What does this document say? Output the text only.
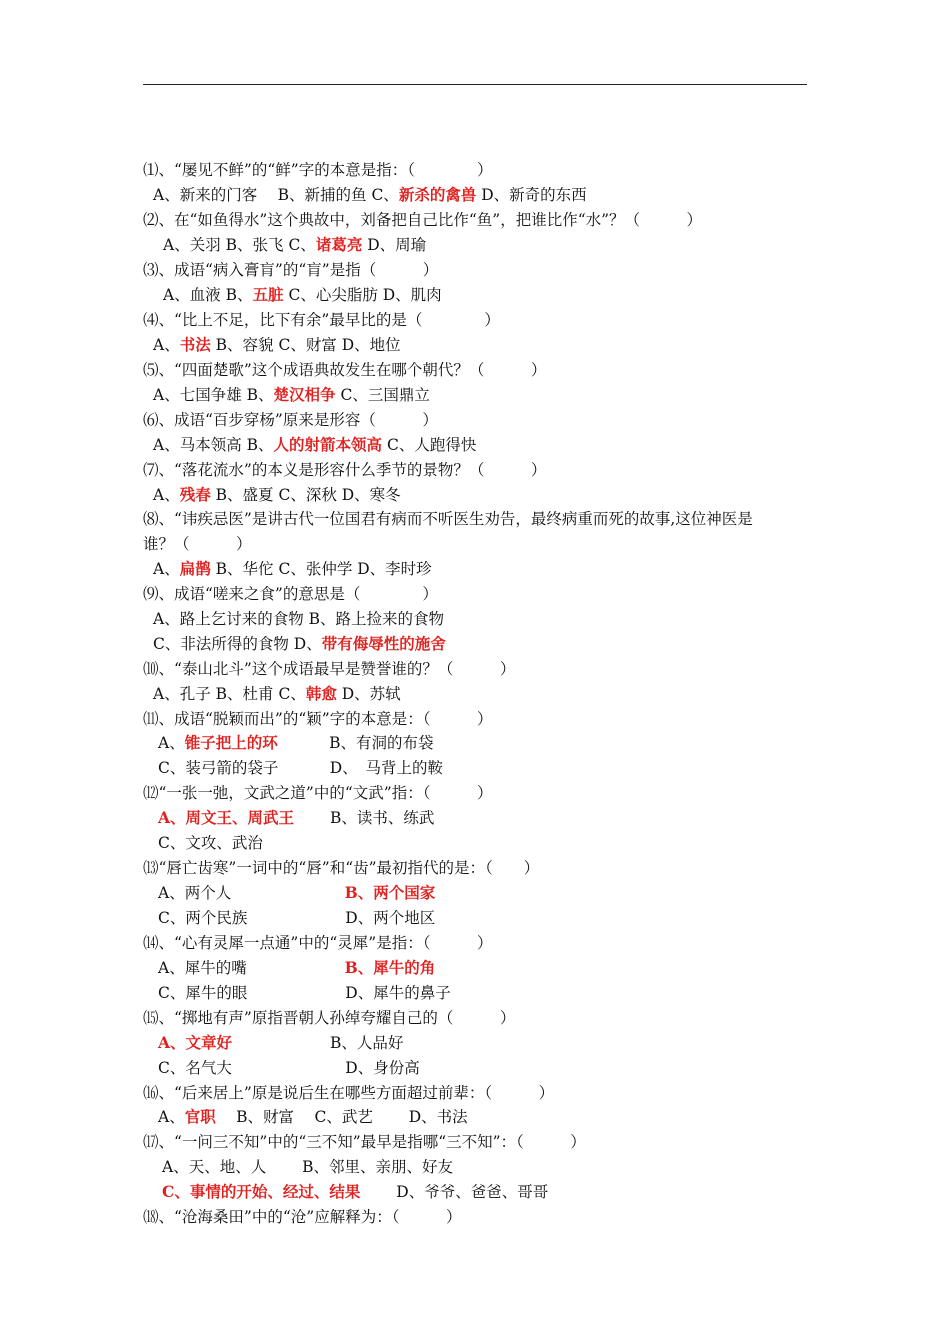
⑴、“屡见不鲜”的“鲜”字的本意是指：（　　　　）
A、新来的门客　 B、新捕的鱼 C、新杀的禽兽 D、新奇的东西
⑵、在“如鱼得水”这个典故中，刘备把自己比作“鱼”，把谁比作“水”？（　　　）
A、关羽 B、张飞 C、诸葛亮 D、周瑜
⑶、成语“病入膏肓”的“肓”是指（　　　）
A、血液 B、五脏 C、心尖脂肪 D、肌肉
⑷、“比上不足，比下有余”最早比的是（　　　　）
A、书法 B、容貌 C、财富 D、地位
⑸、“四面楚歌”这个成语典故发生在哪个朝代？（　　　）
A、七国争雄 B、楚汉相争 C、三国鼎立
⑹、成语“百步穿杨”原来是形容（　　　）
A、马本领高 B、人的射箭本领高 C、人跑得快
⑺、“落花流水”的本义是形容什么季节的景物？（　　　）
A、残春 B、盛夏 C、深秋 D、寒冬
⑻、“讳疾忌医”是讲古代一位国君有病而不听医生劝告，最终病重而死的故事,这位神医是
谁？（　　　）
A、扁鹊 B、华佗 C、张仲学 D、李时珍
⑼、成语“嗟来之食”的意思是（　　　　）
A、路上乞讨来的食物 B、路上捡来的食物
C、非法所得的食物 D、带有侮辱性的施舍
⑽、“泰山北斗”这个成语最早是赞誉谁的？（　　　）
A、孔子 B、杜甫 C、韩愈 D、苏轼
⑾、成语“脱颖而出”的“颖”字的本意是：（　　　）
A、锥子把上的环　　　 B、有洞的布袋
C、装弓箭的袋子　　　 D、　马背上的鞍
⑿“一张一弛，文武之道”中的“文武”指：（　　　）
A、周文王、周武王　　 B、读书、练武
C、文攻、武治
⒀“唇亡齿寒”一词中的“唇”和“齿”最初指代的是：（　　）
A、两个人　　　　　　　 B、两个国家
C、两个民族　　　　　　 D、两个地区
⒁、“心有灵犀一点通”中的“灵犀”是指：（　　　）
A、犀牛的嘴　　　　　　 B、犀牛的角
C、犀牛的眼　　　　　　 D、犀牛的鼻子
⒂、“掷地有声”原指晋朝人孙绰夸耀自己的（　　　）
A、文章好　　　　　　 B、人品好
C、名气大　　　　　　　 D、身份高
⒃、“后来居上”原是说后生在哪些方面超过前辈：（　　　）
A、官职　 B、财富　 C、武艺　　 D、书法
⒄、“一问三不知”中的“三不知”最早是指哪“三不知”：（　　　）
A、天、地、人　　 B、邻里、亲朋、好友
C、事情的开始、经过、结果　　 D、爷爷、爸爸、哥哥
⒅、“沧海桑田”中的“沧”应解释为：（　　　）
